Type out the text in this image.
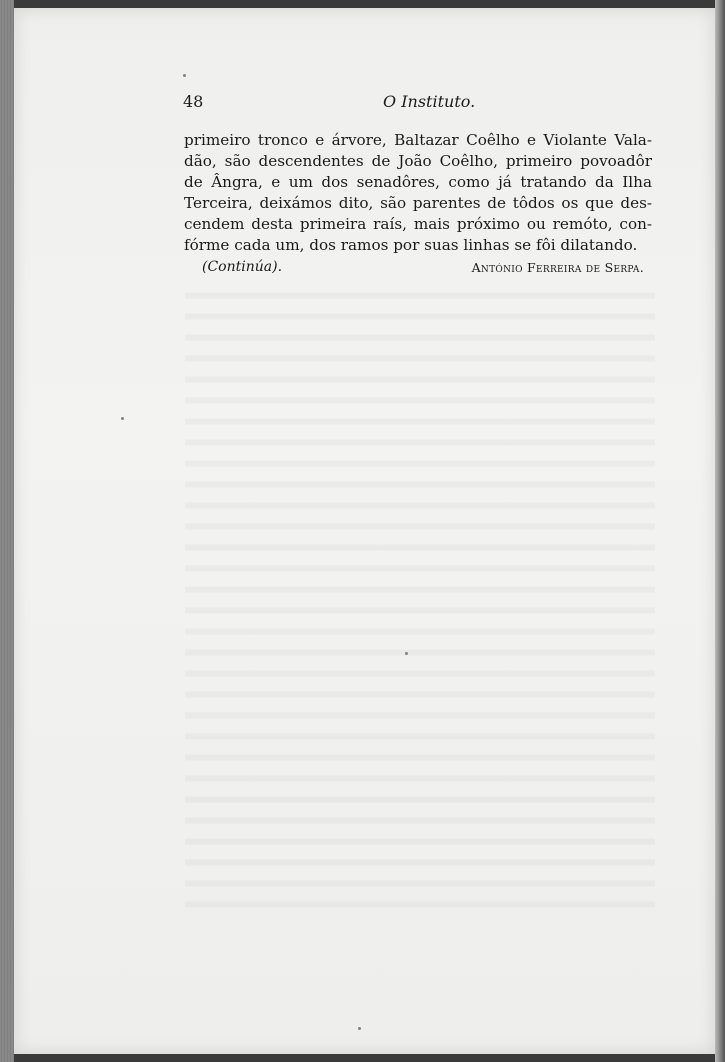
48	O Instituto.
primeiro tronco e árvore, Baltazar Coêlho e Violante Vala-
dão, são descendentes de João Coêlho, primeiro povoadôr
de Ângra, e um dos senadôres, como já tratando da Ilha
Terceira, deixámos dito, são parentes de tôdos os que des-
cendem desta primeira raís, mais próximo ou remóto, con-
fórme cada um, dos ramos por suas linhas se fôi dilatando.
(Continúa).	António Ferreira de Serpa.
